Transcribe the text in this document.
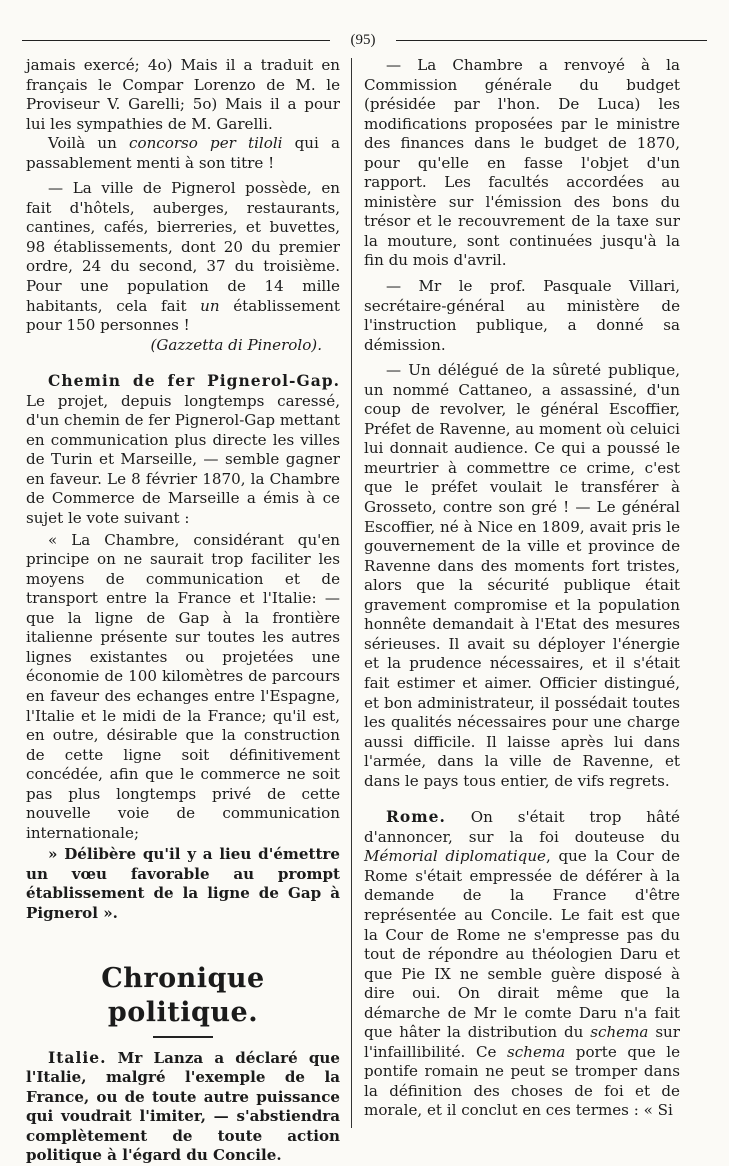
(95)

jamais exercé; 4o) Mais il a traduit en français le Compar Lorenzo de M. le Proviseur V. Garelli; 5o) Mais il a pour lui les sympathies de M. Garelli.

Voilà un concorso per tiloli qui a passablement menti à son titre !

— La ville de Pignerol possède, en fait d'hôtels, auberges, restaurants, cantines, cafés, bierreries, et buvettes, 98 établissements, dont 20 du premier ordre, 24 du second, 37 du troisième. Pour une population de 14 mille habitants, cela fait un établissement pour 150 personnes !

(Gazzetta di Pinerolo).

Chemin de fer Pignerol-Gap. Le projet, depuis longtemps caressé, d'un chemin de fer Pignerol-Gap mettant en communication plus directe les villes de Turin et Marseille, — semble gagner en faveur. Le 8 février 1870, la Chambre de Commerce de Marseille a émis à ce sujet le vote suivant :

« La Chambre, considérant qu'en principe on ne saurait trop faciliter les moyens de communication et de transport entre la France et l'Italie: — que la ligne de Gap à la frontière italienne présente sur toutes les autres lignes existantes ou projetées une économie de 100 kilomètres de parcours en faveur des echanges entre l'Espagne, l'Italie et le midi de la France; qu'il est, en outre, désirable que la construction de cette ligne soit définitivement concédée, afin que le commerce ne soit pas plus longtemps privé de cette nouvelle voie de communication internationale;

» Délibère qu'il y a lieu d'émettre un vœu favorable au prompt établissement de la ligne de Gap à Pignerol ».

Chronique politique.

Italie. Mr Lanza a déclaré que l'Italie, malgré l'exemple de la France, ou de toute autre puissance qui voudrait l'imiter, — s'abstiendra complètement de toute action politique à l'égard du Concile.

— La Chambre a renvoyé à la Commission générale du budget (présidée par l'hon. De Luca) les modifications proposées par le ministre des finances dans le budget de 1870, pour qu'elle en fasse l'objet d'un rapport. Les facultés accordées au ministère sur l'émission des bons du trésor et le recouvrement de la taxe sur la mouture, sont continuées jusqu'à la fin du mois d'avril.

— Mr le prof. Pasquale Villari, secrétaire-général au ministère de l'instruction publique, a donné sa démission.

— Un délégué de la sûreté publique, un nommé Cattaneo, a assassiné, d'un coup de revolver, le général Escoffier, Préfet de Ravenne, au moment où celuici lui donnait audience. Ce qui a poussé le meurtrier à commettre ce crime, c'est que le préfet voulait le transférer à Grosseto, contre son gré ! — Le général Escoffier, né à Nice en 1809, avait pris le gouvernement de la ville et province de Ravenne dans des moments fort tristes, alors que la sécurité publique était gravement compromise et la population honnête demandait à l'Etat des mesures sérieuses. Il avait su déployer l'énergie et la prudence nécessaires, et il s'était fait estimer et aimer. Officier distingué, et bon administrateur, il possédait toutes les qualités nécessaires pour une charge aussi difficile. Il laisse après lui dans l'armée, dans la ville de Ravenne, et dans le pays tous entier, de vifs regrets.

Rome. On s'était trop hâté d'annoncer, sur la foi douteuse du Mémorial diplomatique, que la Cour de Rome s'était empressée de déférer à la demande de la France d'être représentée au Concile. Le fait est que la Cour de Rome ne s'empresse pas du tout de répondre au théologien Daru et que Pie IX ne semble guère disposé à dire oui. On dirait même que la démarche de Mr le comte Daru n'a fait que hâter la distribution du schema sur l'infaillibilité. Ce schema porte que le pontife romain ne peut se tromper dans la définition des choses de foi et de morale, et il conclut en ces termes : « Si
